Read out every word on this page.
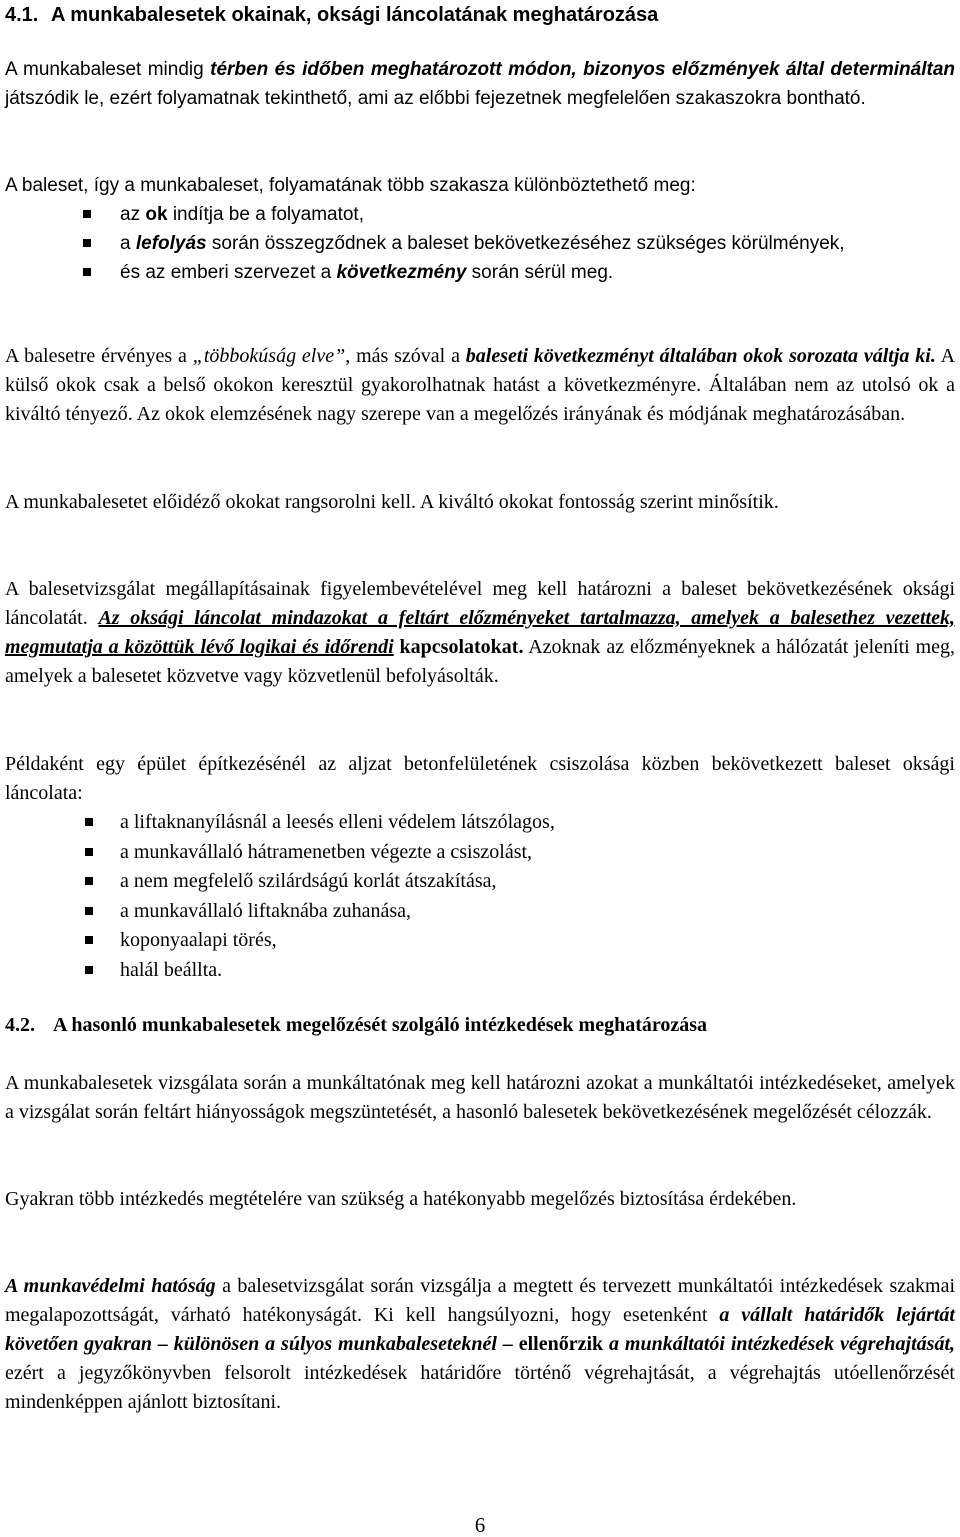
4.1. A munkabalesetek okainak, oksági láncolatának meghatározása
A munkabaleset mindig térben és időben meghatározott módon, bizonyos előzmények által determináltan játszódik le, ezért folyamatnak tekinthető, ami az előbbi fejezetnek megfelelően szakaszokra bontható.
A baleset, így a munkabaleset, folyamatának több szakasza különböztethető meg:
az ok indítja be a folyamatot,
a lefolyás során összegződnek a baleset bekövetkezéséhez szükséges körülmények,
és az emberi szervezet a következmény során sérül meg.
A balesetre érvényes a „többokúság elve”, más szóval a baleseti következményt általában okok sorozata váltja ki. A külső okok csak a belső okokon keresztül gyakorolhatnak hatást a következményre. Általában nem az utolsó ok a kiváltó tényező. Az okok elemzésének nagy szerepe van a megelőzés irányának és módjának meghatározásában.
A munkabalesetet előidéző okokat rangsorolni kell. A kiváltó okokat fontosság szerint minősítik.
A balesetvizsgálat megállapításainak figyelembevételével meg kell határozni a baleset bekövetkezésének oksági láncolatát. Az oksági láncolat mindazokat a feltárt előzményeket tartalmazza, amelyek a balesethez vezettek, megmutatja a közöttük lévő logikai és időrendi kapcsolatokat. Azoknak az előzményeknek a hálózatát jeleníti meg, amelyek a balesetet közvetve vagy közvetlenül befolyásolták.
Példaként egy épület építkezésénél az aljzat betonfelületének csiszolása közben bekövetkezett baleset oksági láncolata:
a liftaknanyílásnál a leesés elleni védelem látszólagos,
a munkavállaló hátramenetben végezte a csiszolást,
a nem megfelelő szilárdságú korlát átszakítása,
a munkavállaló liftaknába zuhanása,
koponyaalapi törés,
halál beállta.
4.2. A hasonló munkabalesetek megelőzését szolgáló intézkedések meghatározása
A munkabalesetek vizsgálata során a munkáltatónak meg kell határozni azokat a munkáltatói intézkedéseket, amelyek a vizsgálat során feltárt hiányosságok megszüntetését, a hasonló balesetek bekövetkezésének megelőzését célozzák.
Gyakran több intézkedés megtételére van szükség a hatékonyabb megelőzés biztosítása érdekében.
A munkavédelmi hatóság a balesetvizsgálat során vizsgálja a megtett és tervezett munkáltatói intézkedések szakmai megalapozottságát, várható hatékonyságát. Ki kell hangsúlyozni, hogy esetenként a vállalt határidők lejártát követően gyakran – különösen a súlyos munkabaleseteknél – ellenőrzik a munkáltatói intézkedések végrehajtását, ezért a jegyzőkönyvben felsorolt intézkedések határidőre történő végrehajtását, a végrehajtás utóellenőrzését mindenképpen ajánlott biztosítani.
6
